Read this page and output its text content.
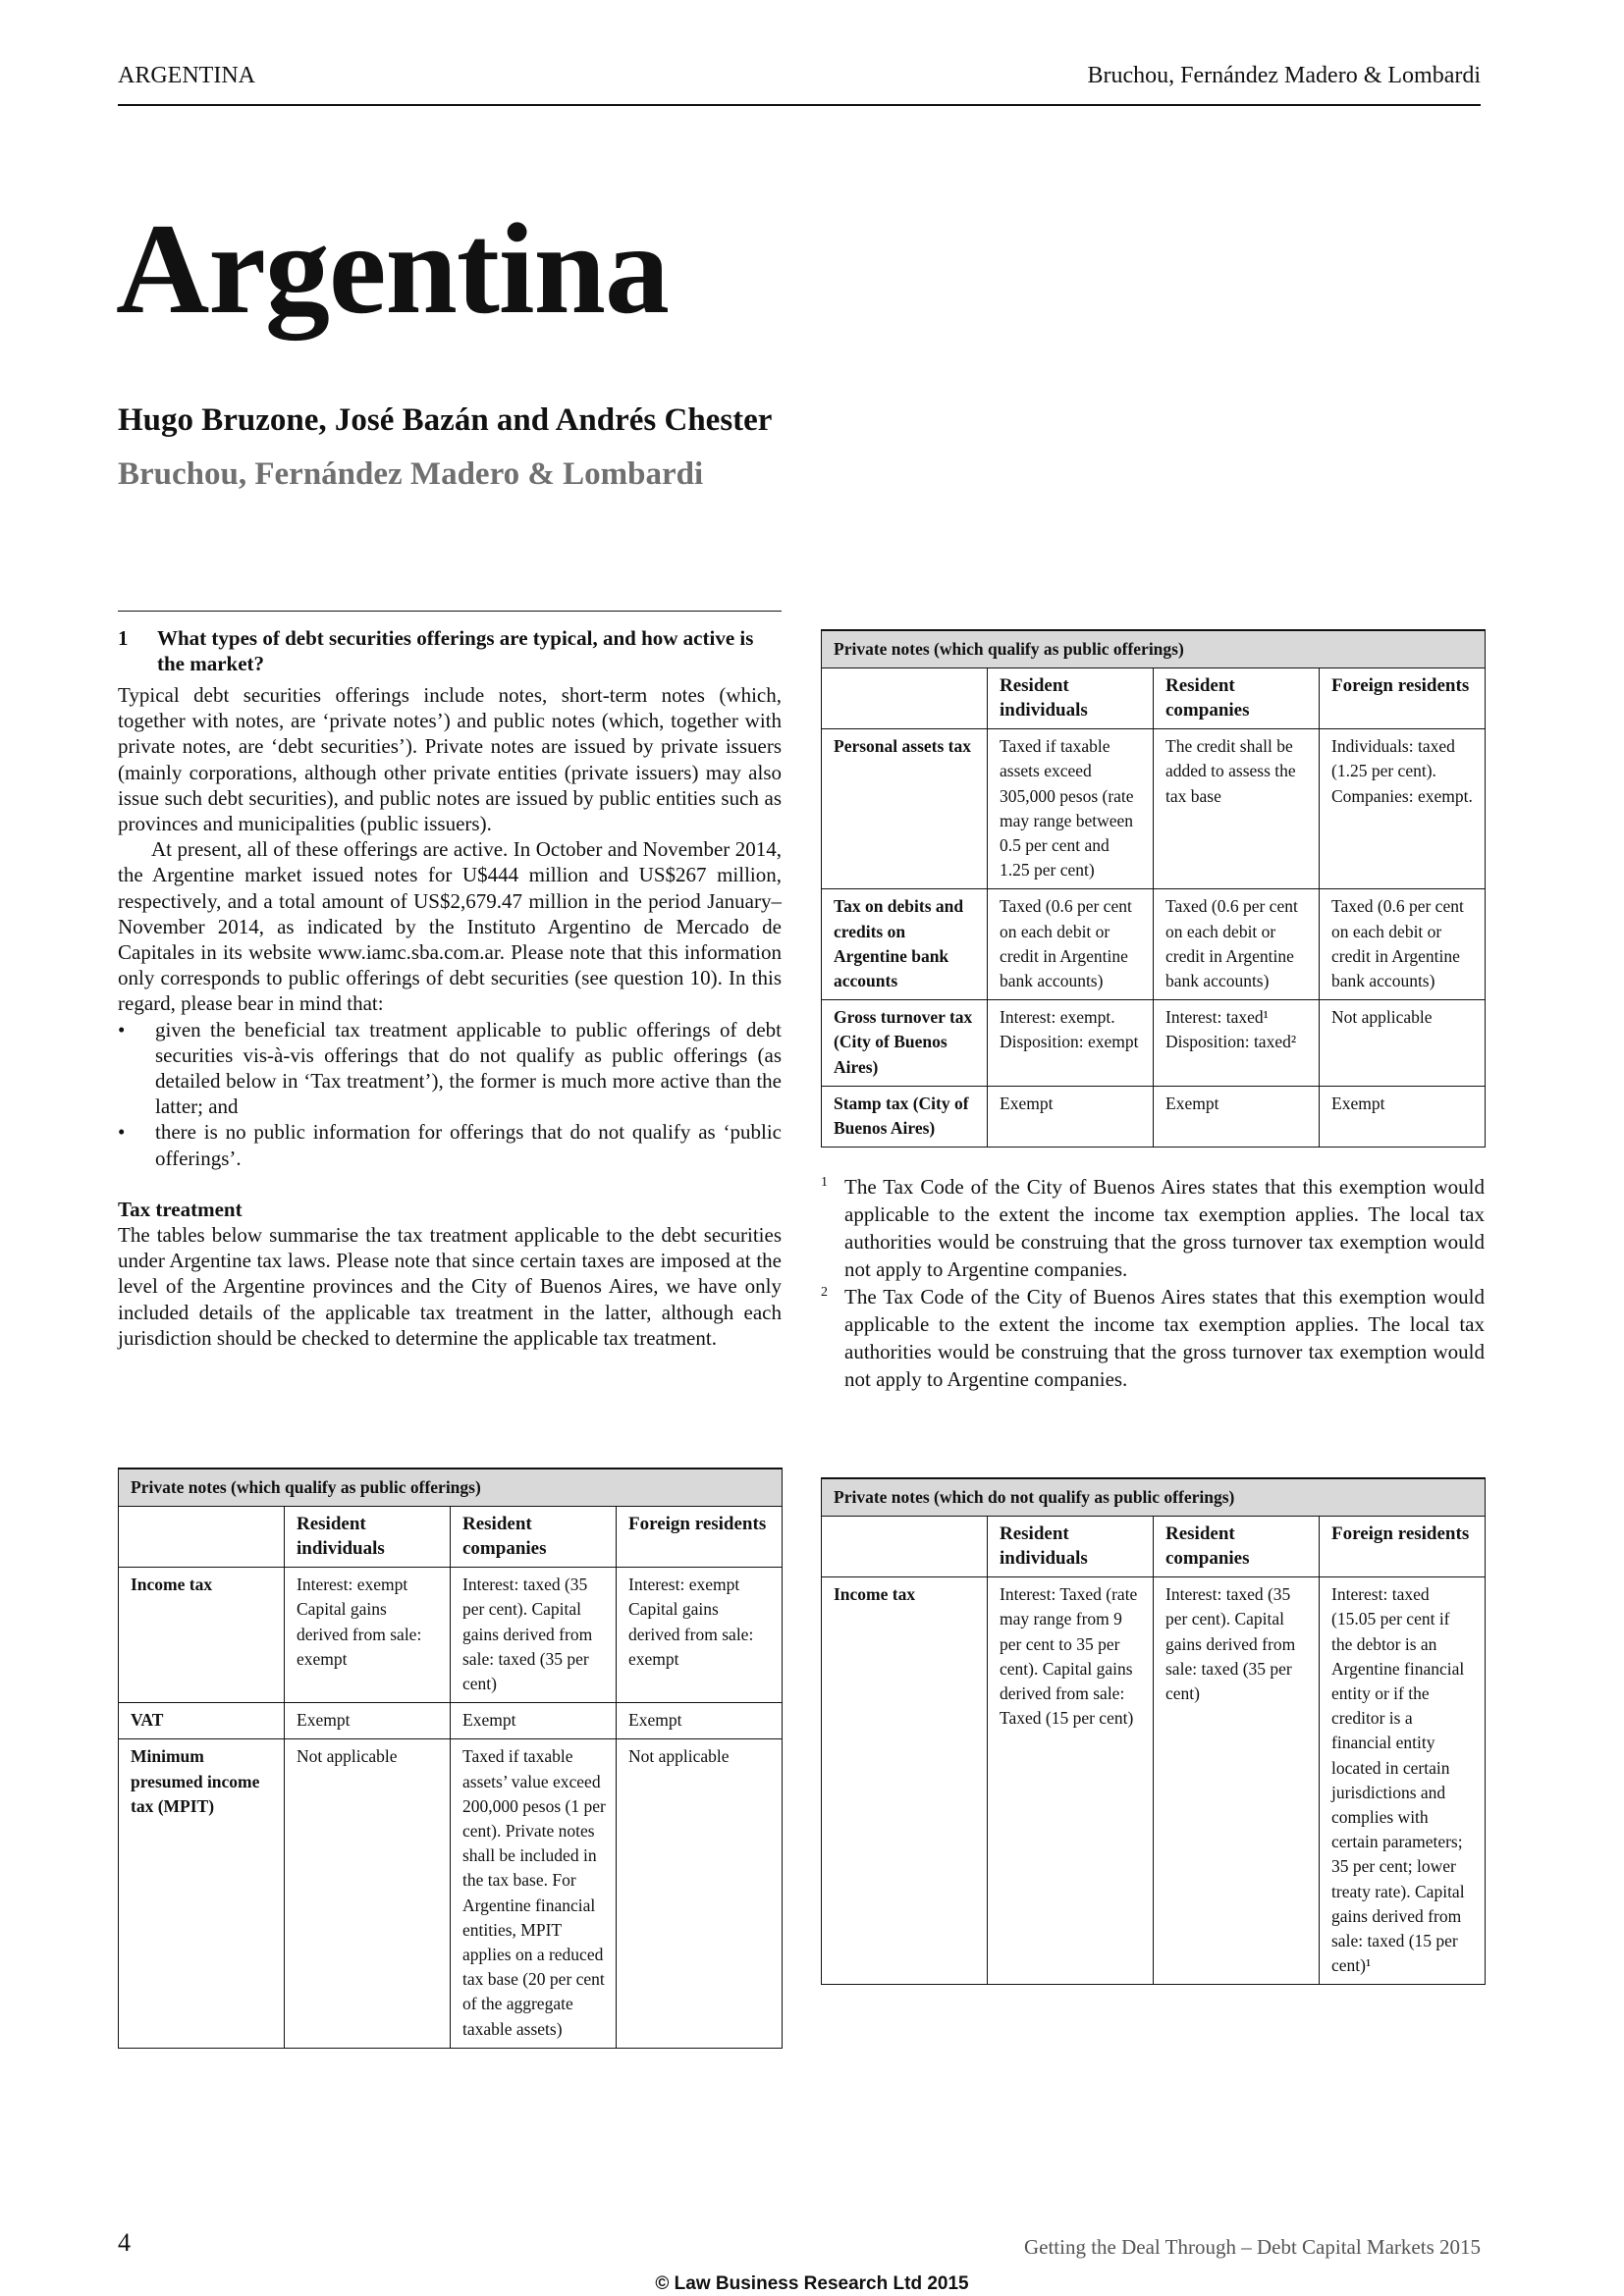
ARGENTINA	Bruchou, Fernández Madero & Lombardi
Argentina
Hugo Bruzone, José Bazán and Andrés Chester
Bruchou, Fernández Madero & Lombardi
1	What types of debt securities offerings are typical, and how active is the market?

Typical debt securities offerings include notes, short-term notes (which, together with notes, are ‘private notes’) and public notes (which, together with private notes, are ‘debt securities’). Private notes are issued by private issuers (mainly corporations, although other private entities (private issuers) may also issue such debt securities), and public notes are issued by public entities such as provinces and municipalities (public issuers).

At present, all of these offerings are active. In October and November 2014, the Argentine market issued notes for U$444 million and US$267 million, respectively, and a total amount of US$2,679.47 million in the period January–November 2014, as indicated by the Instituto Argentino de Mercado de Capitales in its website www.iamc.sba.com.ar. Please note that this information only corresponds to public offerings of debt securities (see question 10). In this regard, please bear in mind that:

•	given the beneficial tax treatment applicable to public offerings of debt securities vis-à-vis offerings that do not qualify as public offerings (as detailed below in ‘Tax treatment’), the former is much more active than the latter; and
•	there is no public information for offerings that do not qualify as ‘public offerings’.

Tax treatment

The tables below summarise the tax treatment applicable to the debt securities under Argentine tax laws. Please note that since certain taxes are imposed at the level of the Argentine provinces and the City of Buenos Aires, we have only included details of the applicable tax treatment in the latter, although each jurisdiction should be checked to determine the applicable tax treatment.

Private notes (which qualify as public offerings)			
	Resident individuals	Resident companies	Foreign residents
Income tax	Interest: exempt Capital gains derived from sale: exempt	Interest: taxed (35 per cent). Capital gains derived from sale: taxed (35 per cent)	Interest: exempt Capital gains derived from sale: exempt
VAT	Exempt	Exempt	Exempt
Minimum presumed income tax (MPIT)	Not applicable	Taxed if taxable assets’ value exceed 200,000 pesos (1 per cent). Private notes shall be included in the tax base. For Argentine financial entities, MPIT applies on a reduced tax base (20 per cent of the aggregate taxable assets)	Not applicable
Private notes (which qualify as public offerings)			
	Resident individuals	Resident companies	Foreign residents
Personal assets tax	Taxed if taxable assets exceed 305,000 pesos (rate may range between 0.5 per cent and 1.25 per cent)	The credit shall be added to assess the tax base	Individuals: taxed (1.25 per cent). Companies: exempt.
Tax on debits and credits on Argentine bank accounts	Taxed (0.6 per cent on each debit or credit in Argentine bank accounts)	Taxed (0.6 per cent on each debit or credit in Argentine bank accounts)	Taxed (0.6 per cent on each debit or credit in Argentine bank accounts)
Gross turnover tax (City of Buenos Aires)	Interest: exempt. Disposition: exempt	Interest: taxed¹ Disposition: taxed²	Not applicable
Stamp tax (City of Buenos Aires)	Exempt	Exempt	Exempt
1 The Tax Code of the City of Buenos Aires states that this exemption would applicable to the extent the income tax exemption applies. The local tax authorities would be construing that the gross turnover tax exemption would not apply to Argentine companies.
2 The Tax Code of the City of Buenos Aires states that this exemption would applicable to the extent the income tax exemption applies. The local tax authorities would be construing that the gross turnover tax exemption would not apply to Argentine companies.
Private notes (which do not qualify as public offerings)			
	Resident individuals	Resident companies	Foreign residents
Income tax	Interest: Taxed (rate may range from 9 per cent to 35 per cent). Capital gains derived from sale: Taxed (15 per cent)	Interest: taxed (35 per cent). Capital gains derived from sale: taxed (35 per cent)	Interest: taxed (15.05 per cent if the debtor is an Argentine financial entity or if the creditor is a financial entity located in certain jurisdictions and complies with certain parameters; 35 per cent; lower treaty rate). Capital gains derived from sale: taxed (15 per cent)¹
4	Getting the Deal Through – Debt Capital Markets 2015
© Law Business Research Ltd 2015
